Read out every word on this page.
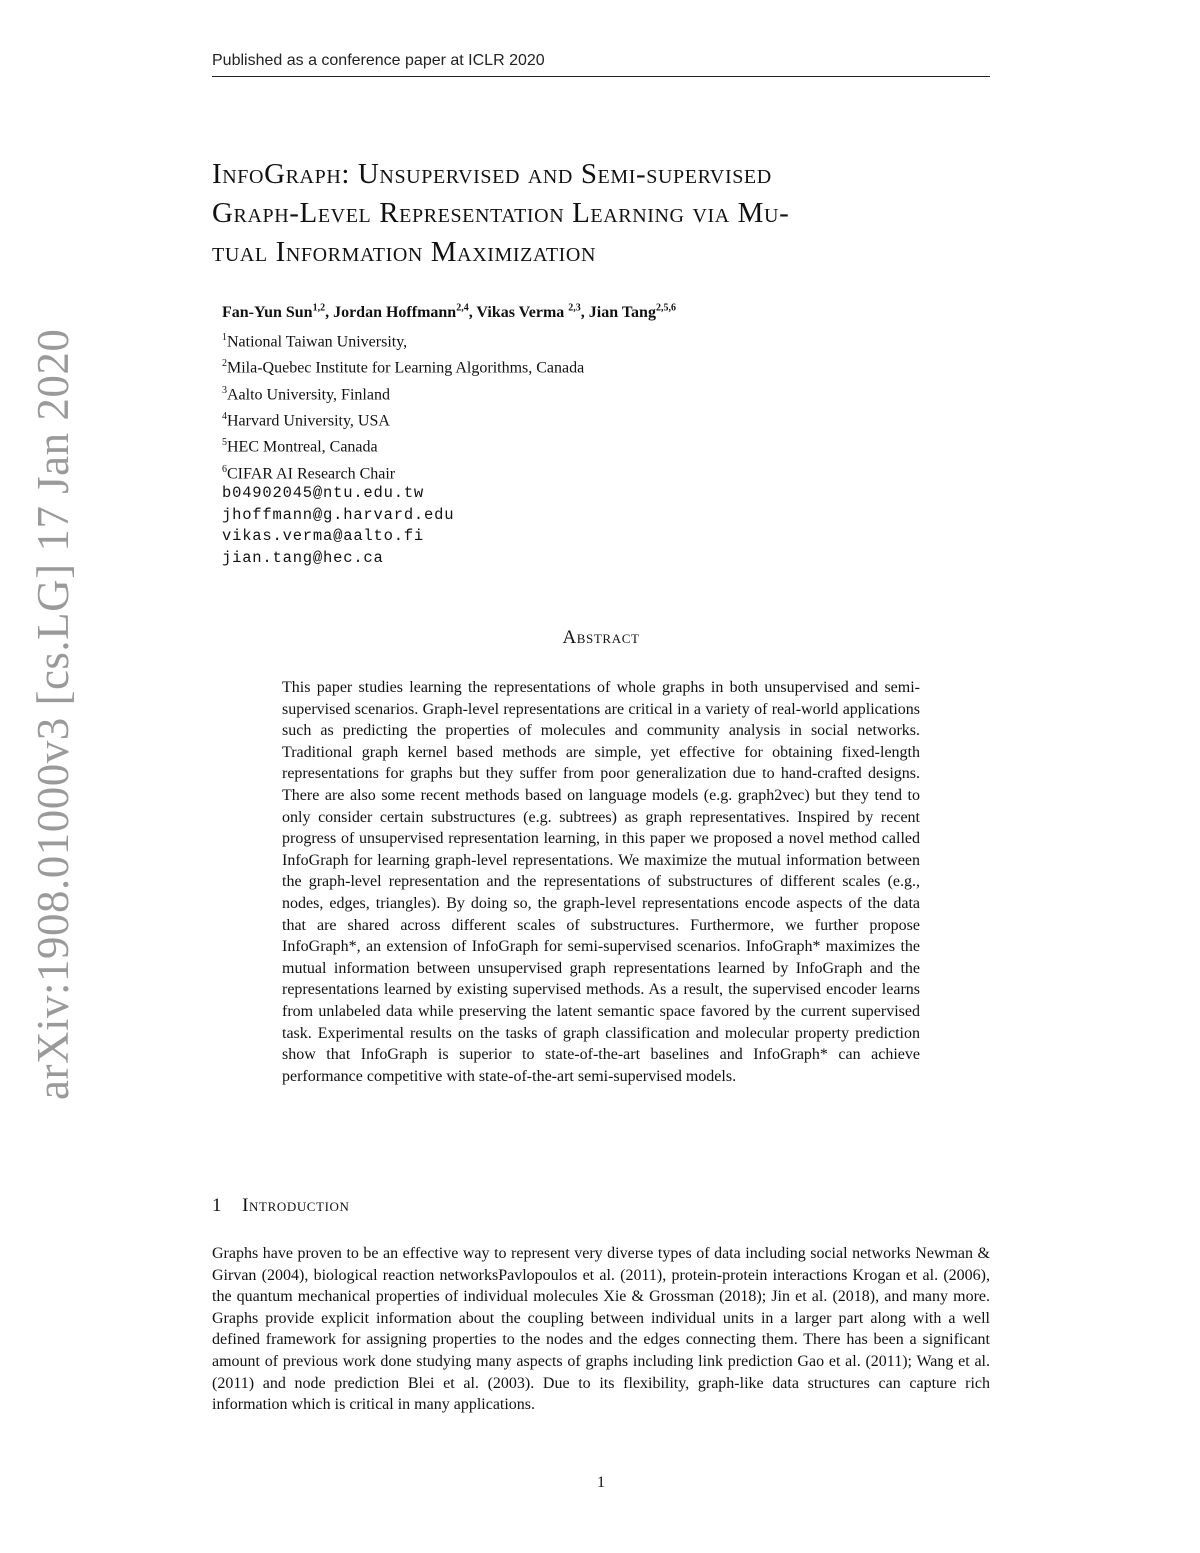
Published as a conference paper at ICLR 2020
arXiv:1908.01000v3 [cs.LG] 17 Jan 2020
InfoGraph: Unsupervised and Semi-supervised
Graph-Level Representation Learning via Mu-
tual Information Maximization
Fan-Yun Sun$^{1,2}$, Jordan Hoffmann$^{2,4}$, Vikas Verma $^{2,3}$, Jian Tang$^{2,5,6}$
$^1$National Taiwan University,
$^2$Mila-Quebec Institute for Learning Algorithms, Canada
$^3$Aalto University, Finland
$^4$Harvard University, USA
$^5$HEC Montreal, Canada
$^6$CIFAR AI Research Chair
b04902045@ntu.edu.tw
jhoffmann@g.harvard.edu
vikas.verma@aalto.fi
jian.tang@hec.ca
Abstract

This paper studies learning the representations of whole graphs in both unsupervised and semi-supervised scenarios. Graph-level representations are critical in a variety of real-world applications such as predicting the properties of molecules and community analysis in social networks. Traditional graph kernel based methods are simple, yet effective for obtaining fixed-length representations for graphs but they suffer from poor generalization due to hand-crafted designs. There are also some recent methods based on language models (e.g. graph2vec) but they tend to only consider certain substructures (e.g. subtrees) as graph representatives. Inspired by recent progress of unsupervised representation learning, in this paper we proposed a novel method called InfoGraph for learning graph-level representations. We maximize the mutual information between the graph-level representation and the representations of substructures of different scales (e.g., nodes, edges, triangles). By doing so, the graph-level representations encode aspects of the data that are shared across different scales of substructures. Furthermore, we further propose InfoGraph*, an extension of InfoGraph for semi-supervised scenarios. InfoGraph* maximizes the mutual information between unsupervised graph representations learned by InfoGraph and the representations learned by existing supervised methods. As a result, the supervised encoder learns from unlabeled data while preserving the latent semantic space favored by the current supervised task. Experimental results on the tasks of graph classification and molecular property prediction show that InfoGraph is superior to state-of-the-art baselines and InfoGraph* can achieve performance competitive with state-of-the-art semi-supervised models.

1 Introduction

Graphs have proven to be an effective way to represent very diverse types of data including social networks Newman & Girvan (2004), biological reaction networksPavlopoulos et al. (2011), protein-protein interactions Krogan et al. (2006), the quantum mechanical properties of individual molecules Xie & Grossman (2018); Jin et al. (2018), and many more. Graphs provide explicit information about the coupling between individual units in a larger part along with a well defined framework for assigning properties to the nodes and the edges connecting them. There has been a significant amount of previous work done studying many aspects of graphs including link prediction Gao et al. (2011); Wang et al. (2011) and node prediction Blei et al. (2003). Due to its flexibility, graph-like data structures can capture rich information which is critical in many applications.

1
